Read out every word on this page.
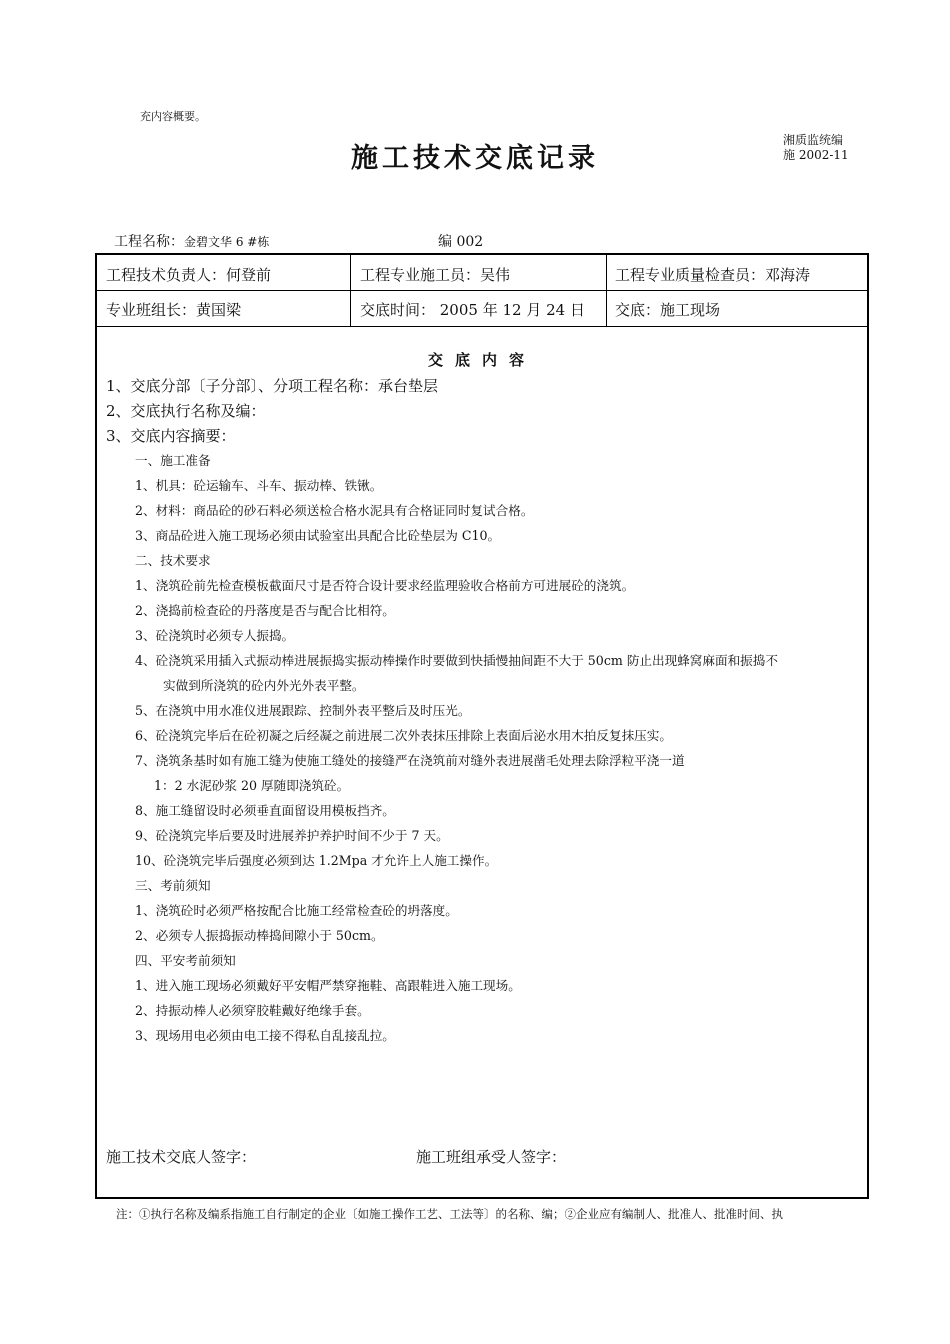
充内容概要。
施工技术交底记录
湘质监统编
施 2002-11
工程名称：金碧文华 6 #栋	编 002
工程技术负责人：何登前	工程专业施工员：吴伟	工程专业质量检查员：邓海涛
专业班组长：黄国梁	交底时间： 2005 年 12 月 24 日 交底：施工现场
交底内容
1、交底分部〔子分部〕、分项工程名称：承台垫层
2、交底执行名称及编：
3、交底内容摘要：
一、施工准备
1、机具：砼运输车、斗车、振动棒、铁锹。
2、材料：商品砼的砂石料必须送检合格水泥具有合格证同时复试合格。
3、商品砼进入施工现场必须由试验室出具配合比砼垫层为 C10。
二、技术要求
1、浇筑砼前先检查模板截面尺寸是否符合设计要求经监理验收合格前方可进展砼的浇筑。
2、浇捣前检查砼的丹落度是否与配合比相符。
3、砼浇筑时必须专人振捣。
4、砼浇筑采用插入式振动棒进展振捣实振动棒操作时要做到快插慢抽间距不大于 50cm 防止出现蜂窝麻面和振捣不
实做到所浇筑的砼内外光外表平整。
5、在浇筑中用水准仪进展跟踪、控制外表平整后及时压光。
6、砼浇筑完毕后在砼初凝之后经凝之前进展二次外表抹压排除上表面后泌水用木拍反复抹压实。
7、浇筑条基时如有施工缝为使施工缝处的接缝严在浇筑前对缝外表进展凿毛处理去除浮粒平浇一道
1：2 水泥砂浆 20 厚随即浇筑砼。
8、施工缝留设时必须垂直面留设用模板挡齐。
9、砼浇筑完毕后要及时进展养护养护时间不少于 7 天。
10、砼浇筑完毕后强度必须到达 1.2Mpa 才允许上人施工操作。
三、考前须知
1、浇筑砼时必须严格按配合比施工经常检查砼的坍落度。
2、必须专人振捣振动棒捣间隙小于 50cm。
四、平安考前须知
1、进入施工现场必须戴好平安帽严禁穿拖鞋、高跟鞋进入施工现场。
2、持振动棒人必须穿胶鞋戴好绝缘手套。
3、现场用电必须由电工接不得私自乱接乱拉。
施工技术交底人签字：	施工班组承受人签字：
注：①执行名称及编系指施工自行制定的企业〔如施工操作工艺、工法等〕的名称、编；②企业应有编制人、批准人、批准时间、执
